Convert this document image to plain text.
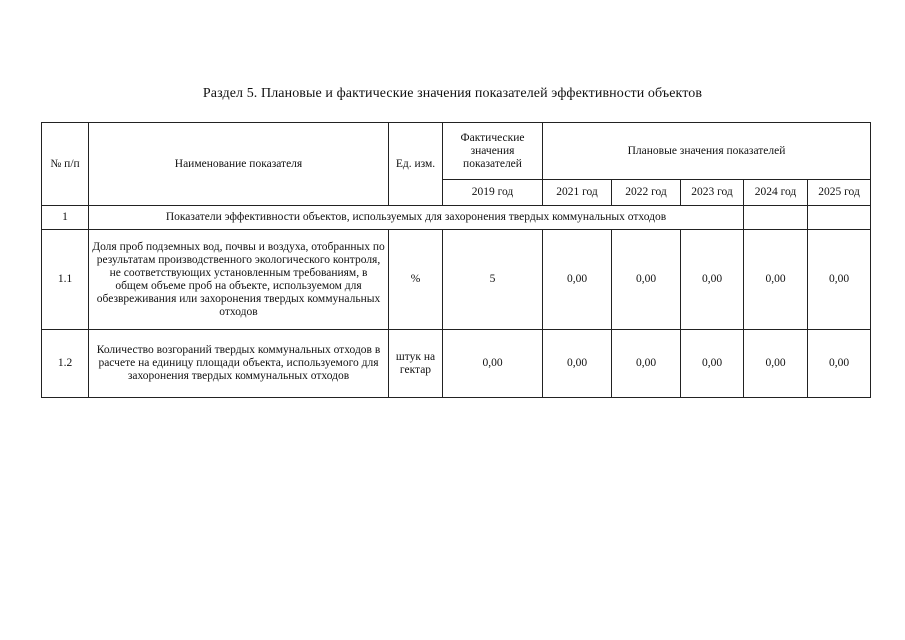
Раздел 5. Плановые и фактические значения показателей эффективности объектов
№ п/п	Наименование показателя	Ед. изм.	Фактические значения показателей	Плановые значения показателей				
			2019 год	2021 год	2022 год	2023 год	2024 год	2025 год
1	Показатели эффективности объектов, используемых для захоронения твердых коммунальных отходов							
1.1	Доля проб подземных вод, почвы и воздуха, отобранных по результатам производственного экологического контроля, не соответствующих установленным требованиям, в общем объеме проб на объекте, используемом для обезвреживания или захоронения твердых коммунальных отходов	%	5	0,00	0,00	0,00	0,00	0,00
1.2	Количество возгораний твердых коммунальных отходов в расчете на единицу площади объекта, используемого для захоронения твердых коммунальных отходов	штук на гектар	0,00	0,00	0,00	0,00	0,00	0,00
